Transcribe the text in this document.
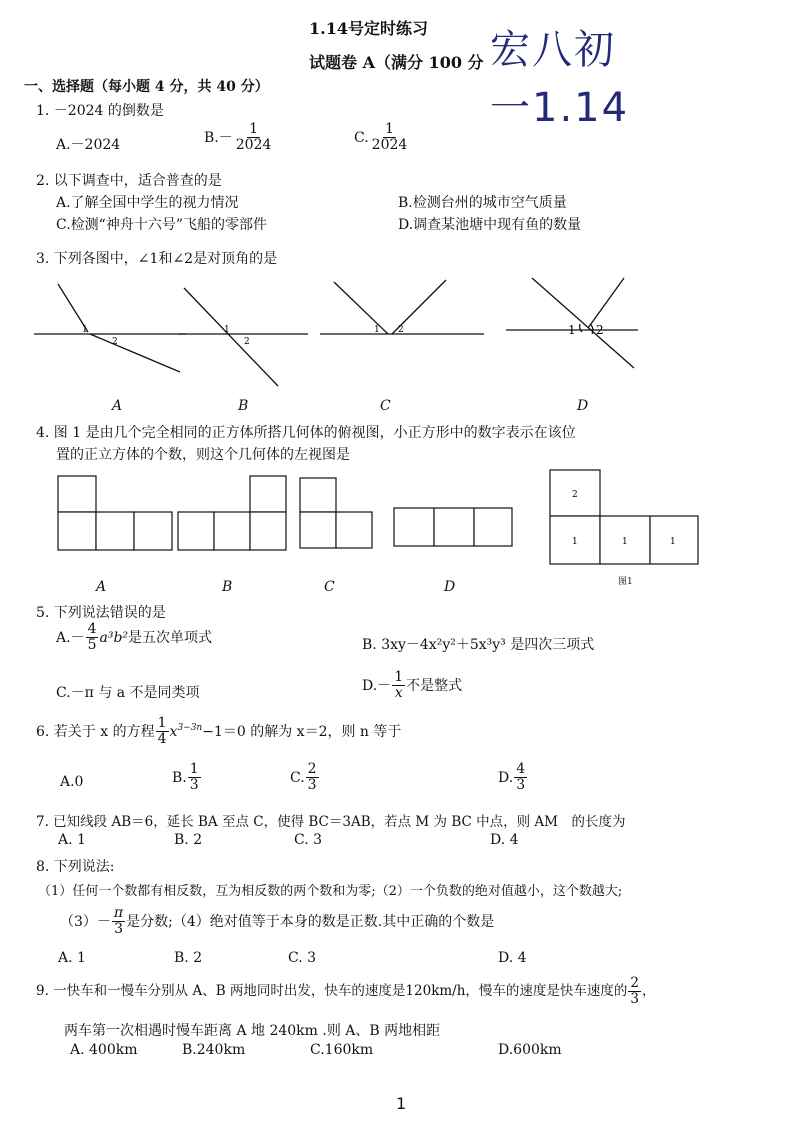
1.14号定时练习
试题卷 A（满分 100 分 宏八初
一1.14
一、选择题（每小题 4 分，共 40 分）
1. －2024 的倒数是
A.－2024	$B.- \frac{1}{2024}$	C. $\frac{1}{2024}$
2. 以下调查中，适合普查的是
A.了解全国中学生的视力情况	B.检测台州的城市空气质量
C.检测“神舟十六号”飞船的零部件	D.调查某池塘中现有鱼的数量
3. 下列各图中，∠1和∠2是对顶角的是
1
2
1
2
1 2	1 2
A	B	C	D
4. 图 1 是由几个完全相同的正方体所搭几何体的俯视图，小正方形中的数字表示在该位
置的正立方体的个数，则这个几何体的左视图是
2
1	1	1
图1
A	B	C	D
5. 下列说法错误的是
$A.- \frac{4}{5} a^3b^2$是五次单项式	B. 3xy－4x²y²＋5x³y³ 是四次三项式
C.－π 与 a 不是同类项	$D.- \frac{1}{x}$ 不是整式
6. 若关于 x 的方程 $\frac{1}{4} x^{3-3n}-1=0$ 的解为 x＝2，则 n 等于
A.0	B. $\frac{1}{3}$	C. $\frac{2}{3}$	D. $\frac{4}{3}$
7. 已知线段 AB＝6，延长 BA 至点 C，使得 BC＝3AB，若点 M 为 BC 中点，则 AM　的长度为
A. 1	B. 2	C. 3	D. 4
8. 下列说法:
（1）任何一个数都有相反数，互为相反数的两个数和为零;（2）一个负数的绝对值越小，这个数越大;
$(3)- \frac{\pi}{3}$ 是分数;（4）绝对值等于本身的数是正数.其中正确的个数是
A. 1	B. 2	C. 3	D. 4
9. 一快车和一慢车分别从 A、B 两地同时出发，快车的速度是120km/h，慢车的速度是快车速度的 $\frac{2}{3}$ ，
两车第一次相遇时慢车距离 A 地 240km .则 A、B 两地相距
A. 400km	B.240km	C.160km	D.600km
1
